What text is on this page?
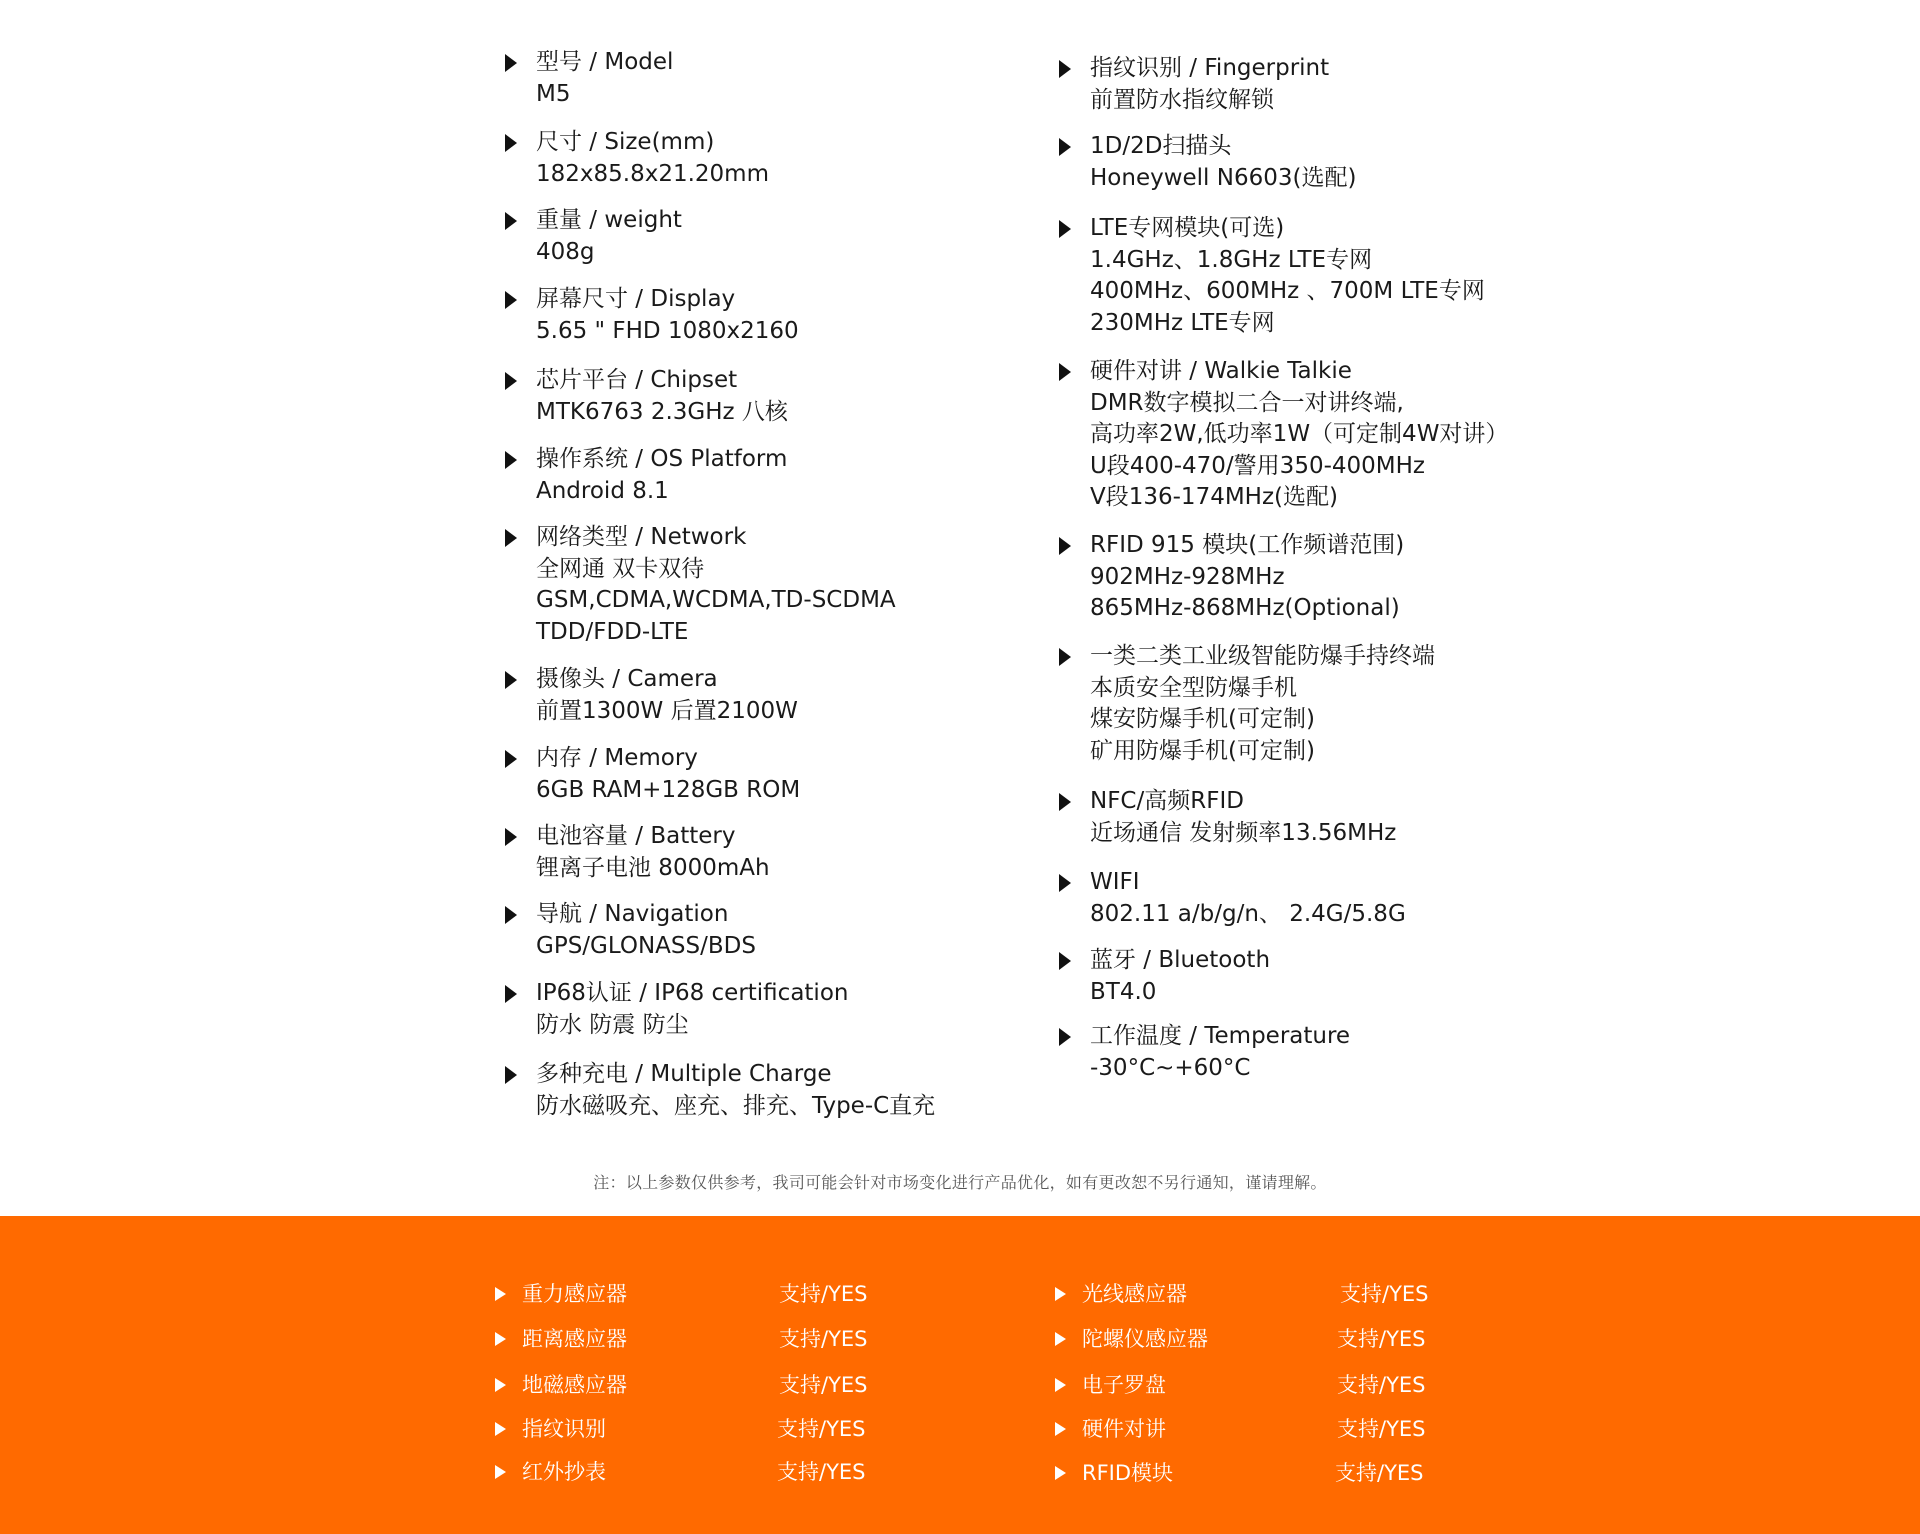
型号 / Model
M5
尺寸 / Size(mm)
182x85.8x21.20mm
重量 / weight
408g
屏幕尺寸 / Display
5.65 " FHD 1080x2160
芯片平台 / Chipset
MTK6763 2.3GHz 八核
操作系统 / OS Platform
Android 8.1
网络类型 / Network
全网通 双卡双待
GSM,CDMA,WCDMA,TD-SCDMA
TDD/FDD-LTE
摄像头 / Camera
前置1300W 后置2100W
内存 / Memory
6GB RAM+128GB ROM
电池容量 / Battery
锂离子电池 8000mAh
导航 / Navigation
GPS/GLONASS/BDS
IP68认证 / IP68 certification
防水 防震 防尘
多种充电 / Multiple Charge
防水磁吸充、座充、排充、Type-C直充
指纹识别 / Fingerprint
前置防水指纹解锁
1D/2D扫描头
Honeywell N6603(选配)
LTE专网模块(可选)
1.4GHz、1.8GHz LTE专网
400MHz、600MHz 、700M LTE专网
230MHz LTE专网
硬件对讲 / Walkie Talkie
DMR数字模拟二合一对讲终端,
高功率2W,低功率1W（可定制4W对讲）
U段400-470/警用350-400MHz
V段136-174MHz(选配)
RFID 915 模块(工作频谱范围)
902MHz-928MHz
865MHz-868MHz(Optional)
一类二类工业级智能防爆手持终端
本质安全型防爆手机
煤安防爆手机(可定制)
矿用防爆手机(可定制)
NFC/高频RFID
近场通信 发射频率13.56MHz
WIFI
802.11 a/b/g/n、 2.4G/5.8G
蓝牙 / Bluetooth
BT4.0
工作温度 / Temperature
-30°C~+60°C
注：以上参数仅供参考，我司可能会针对市场变化进行产品优化，如有更改恕不另行通知，谨请理解。
重力感应器	支持/YES
距离感应器	支持/YES
地磁感应器	支持/YES
指纹识别	支持/YES
红外抄表	支持/YES
光线感应器	支持/YES
陀螺仪感应器	支持/YES
电子罗盘	支持/YES
硬件对讲	支持/YES
RFID模块	支持/YES
